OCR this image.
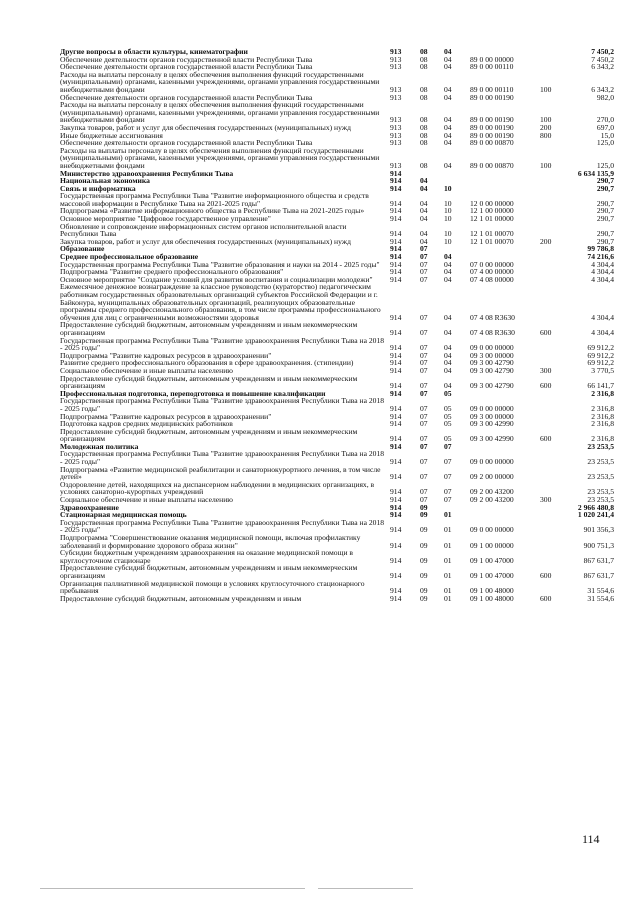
Другие вопросы в области культуры, кинематографии	913	08	04			7 450,2
Обеспечение деятельности органов государственной власти Республики Тыва	913	08	04	89 0 00 00000		7 450,2
Обеспечение деятельности органов государственной власти Республики Тыва	913	08	04	89 0 00 00110		6 343,2
Расходы на выплаты персоналу в целях обеспечения выполнения функций государственными (муниципальными) органами, казенными учреждениями, органами управления государственными внебюджетными фондами	913	08	04	89 0 00 00110	100	6 343,2
Обеспечение деятельности органов государственной власти Республики Тыва	913	08	04	89 0 00 00190		982,0
Расходы на выплаты персоналу в целях обеспечения выполнения функций государственными (муниципальными) органами, казенными учреждениями, органами управления государственными внебюджетными фондами	913	08	04	89 0 00 00190	100	270,0
Закупка товаров, работ и услуг для обеспечения государственных (муниципальных) нужд	913	08	04	89 0 00 00190	200	697,0
Иные бюджетные ассигнования	913	08	04	89 0 00 00190	800	15,0
Обеспечение деятельности органов государственной власти Республики Тыва	913	08	04	89 0 00 00870		125,0
Расходы на выплаты персоналу в целях обеспечения выполнения функций государственными (муниципальными) органами, казенными учреждениями, органами управления государственными внебюджетными фондами	913	08	04	89 0 00 00870	100	125,0
Министерство здравоохранения Республики Тыва	914					6 634 135,9
Национальная экономика	914	04				290,7
Связь и информатика	914	04	10			290,7
Государственная программа Республики Тыва "Развитие информационного общества и средств массовой информации в Республике Тыва на 2021-2025 годы"	914	04	10	12 0 00 00000		290,7
Подпрограмма «Развитие информационного общества в Республике Тыва на 2021-2025 годы»	914	04	10	12 1 00 00000		290,7
Основное мероприятие "Цифровое государственное управление"	914	04	10	12 1 01 00000		290,7
Обновление и сопровождение информационных систем органов исполнительной власти Республики Тыва	914	04	10	12 1 01 00070		290,7
Закупка товаров, работ и услуг для обеспечения государственных (муниципальных) нужд	914	04	10	12 1 01 00070	200	290,7
Образование	914	07				99 786,8
Среднее профессиональное образование	914	07	04			74 216,6
Государственная программа Республики Тыва "Развитие образования и науки на 2014 - 2025 годы"	914	07	04	07 0 00 00000		4 304,4
Подпрограмма "Развитие среднего профессионального образования"	914	07	04	07 4 00 00000		4 304,4
Основное мероприятие "Создание условий для развития воспитания и социализации молодежи"	914	07	04	07 4 08 00000		4 304,4
Ежемесячное денежное вознаграждение за классное руководство (кураторство) педагогическим работникам государственных образовательных организаций субъектов Российской Федерации и г. Байконура, муниципальных образовательных организаций, реализующих образовательные программы среднего профессионального образования, в том числе программы профессионального обучения для лиц с ограниченными возможностями здоровья	914	07	04	07 4 08 R3630		4 304,4
Предоставление субсидий бюджетным, автономным учреждениям и иным некоммерческим организациям	914	07	04	07 4 08 R3630	600	4 304,4
Государственная программа Республики Тыва "Развитие здравоохранения Республики Тыва на 2018 - 2025 годы"	914	07	04	09 0 00 00000		69 912,2
Подпрограмма "Развитие кадровых ресурсов в здравоохранении"	914	07	04	09 3 00 00000		69 912,2
Развитие среднего профессионального образования в сфере здравоохранения. (стипендии)	914	07	04	09 3 00 42790		69 912,2
Социальное обеспечение и иные выплаты населению	914	07	04	09 3 00 42790	300	3 770,5
Предоставление субсидий бюджетным, автономным учреждениям и иным некоммерческим организациям	914	07	04	09 3 00 42790	600	66 141,7
Профессиональная подготовка, переподготовка и повышение квалификации	914	07	05			2 316,8
Государственная программа Республики Тыва "Развитие здравоохранения Республики Тыва на 2018 - 2025 годы"	914	07	05	09 0 00 00000		2 316,8
Подпрограмма "Развитие кадровых ресурсов в здравоохранении"	914	07	05	09 3 00 00000		2 316,8
Подготовка кадров средних медицинских работников	914	07	05	09 3 00 42990		2 316,8
Предоставление субсидий бюджетным, автономным учреждениям и иным некоммерческим организациям	914	07	05	09 3 00 42990	600	2 316,8
Молодежная политика	914	07	07			23 253,5
Государственная программа Республики Тыва "Развитие здравоохранения Республики Тыва на 2018 - 2025 годы"	914	07	07	09 0 00 00000		23 253,5
Подпрограмма «Развитие медицинской реабилитации и санаторнокурортного лечения, в том числе детей»	914	07	07	09 2 00 00000		23 253,5
Оздоровление детей, находящихся на диспансерном наблюдении в медицинских организациях, в условиях санаторно-курортных учреждений	914	07	07	09 2 00 43200		23 253,5
Социальное обеспечение и иные выплаты населению	914	07	07	09 2 00 43200	300	23 253,5
Здравоохранение	914	09				2 966 480,8
Стационарная медицинская помощь	914	09	01			1 020 241,4
Государственная программа Республики Тыва "Развитие здравоохранения Республики Тыва на 2018 - 2025 годы"	914	09	01	09 0 00 00000		901 356,3
Подпрограмма "Совершенствование оказания медицинской помощи, включая профилактику заболеваний и формирование здорового образа жизни"	914	09	01	09 1 00 00000		900 751,3
Субсидии бюджетным учреждениям здравоохранения на оказание медицинской помощи в круглосуточном стационаре	914	09	01	09 1 00 47000		867 631,7
Предоставление субсидий бюджетным, автономным учреждениям и иным некоммерческим организациям	914	09	01	09 1 00 47000	600	867 631,7
Организация паллиативной медицинской помощи в условиях круглосуточного стационарного пребывания	914	09	01	09 1 00 48000		31 554,6
Предоставление субсидий бюджетным, автономным учреждениям и иным	914	09	01	09 1 00 48000	600	31 554,6
114
